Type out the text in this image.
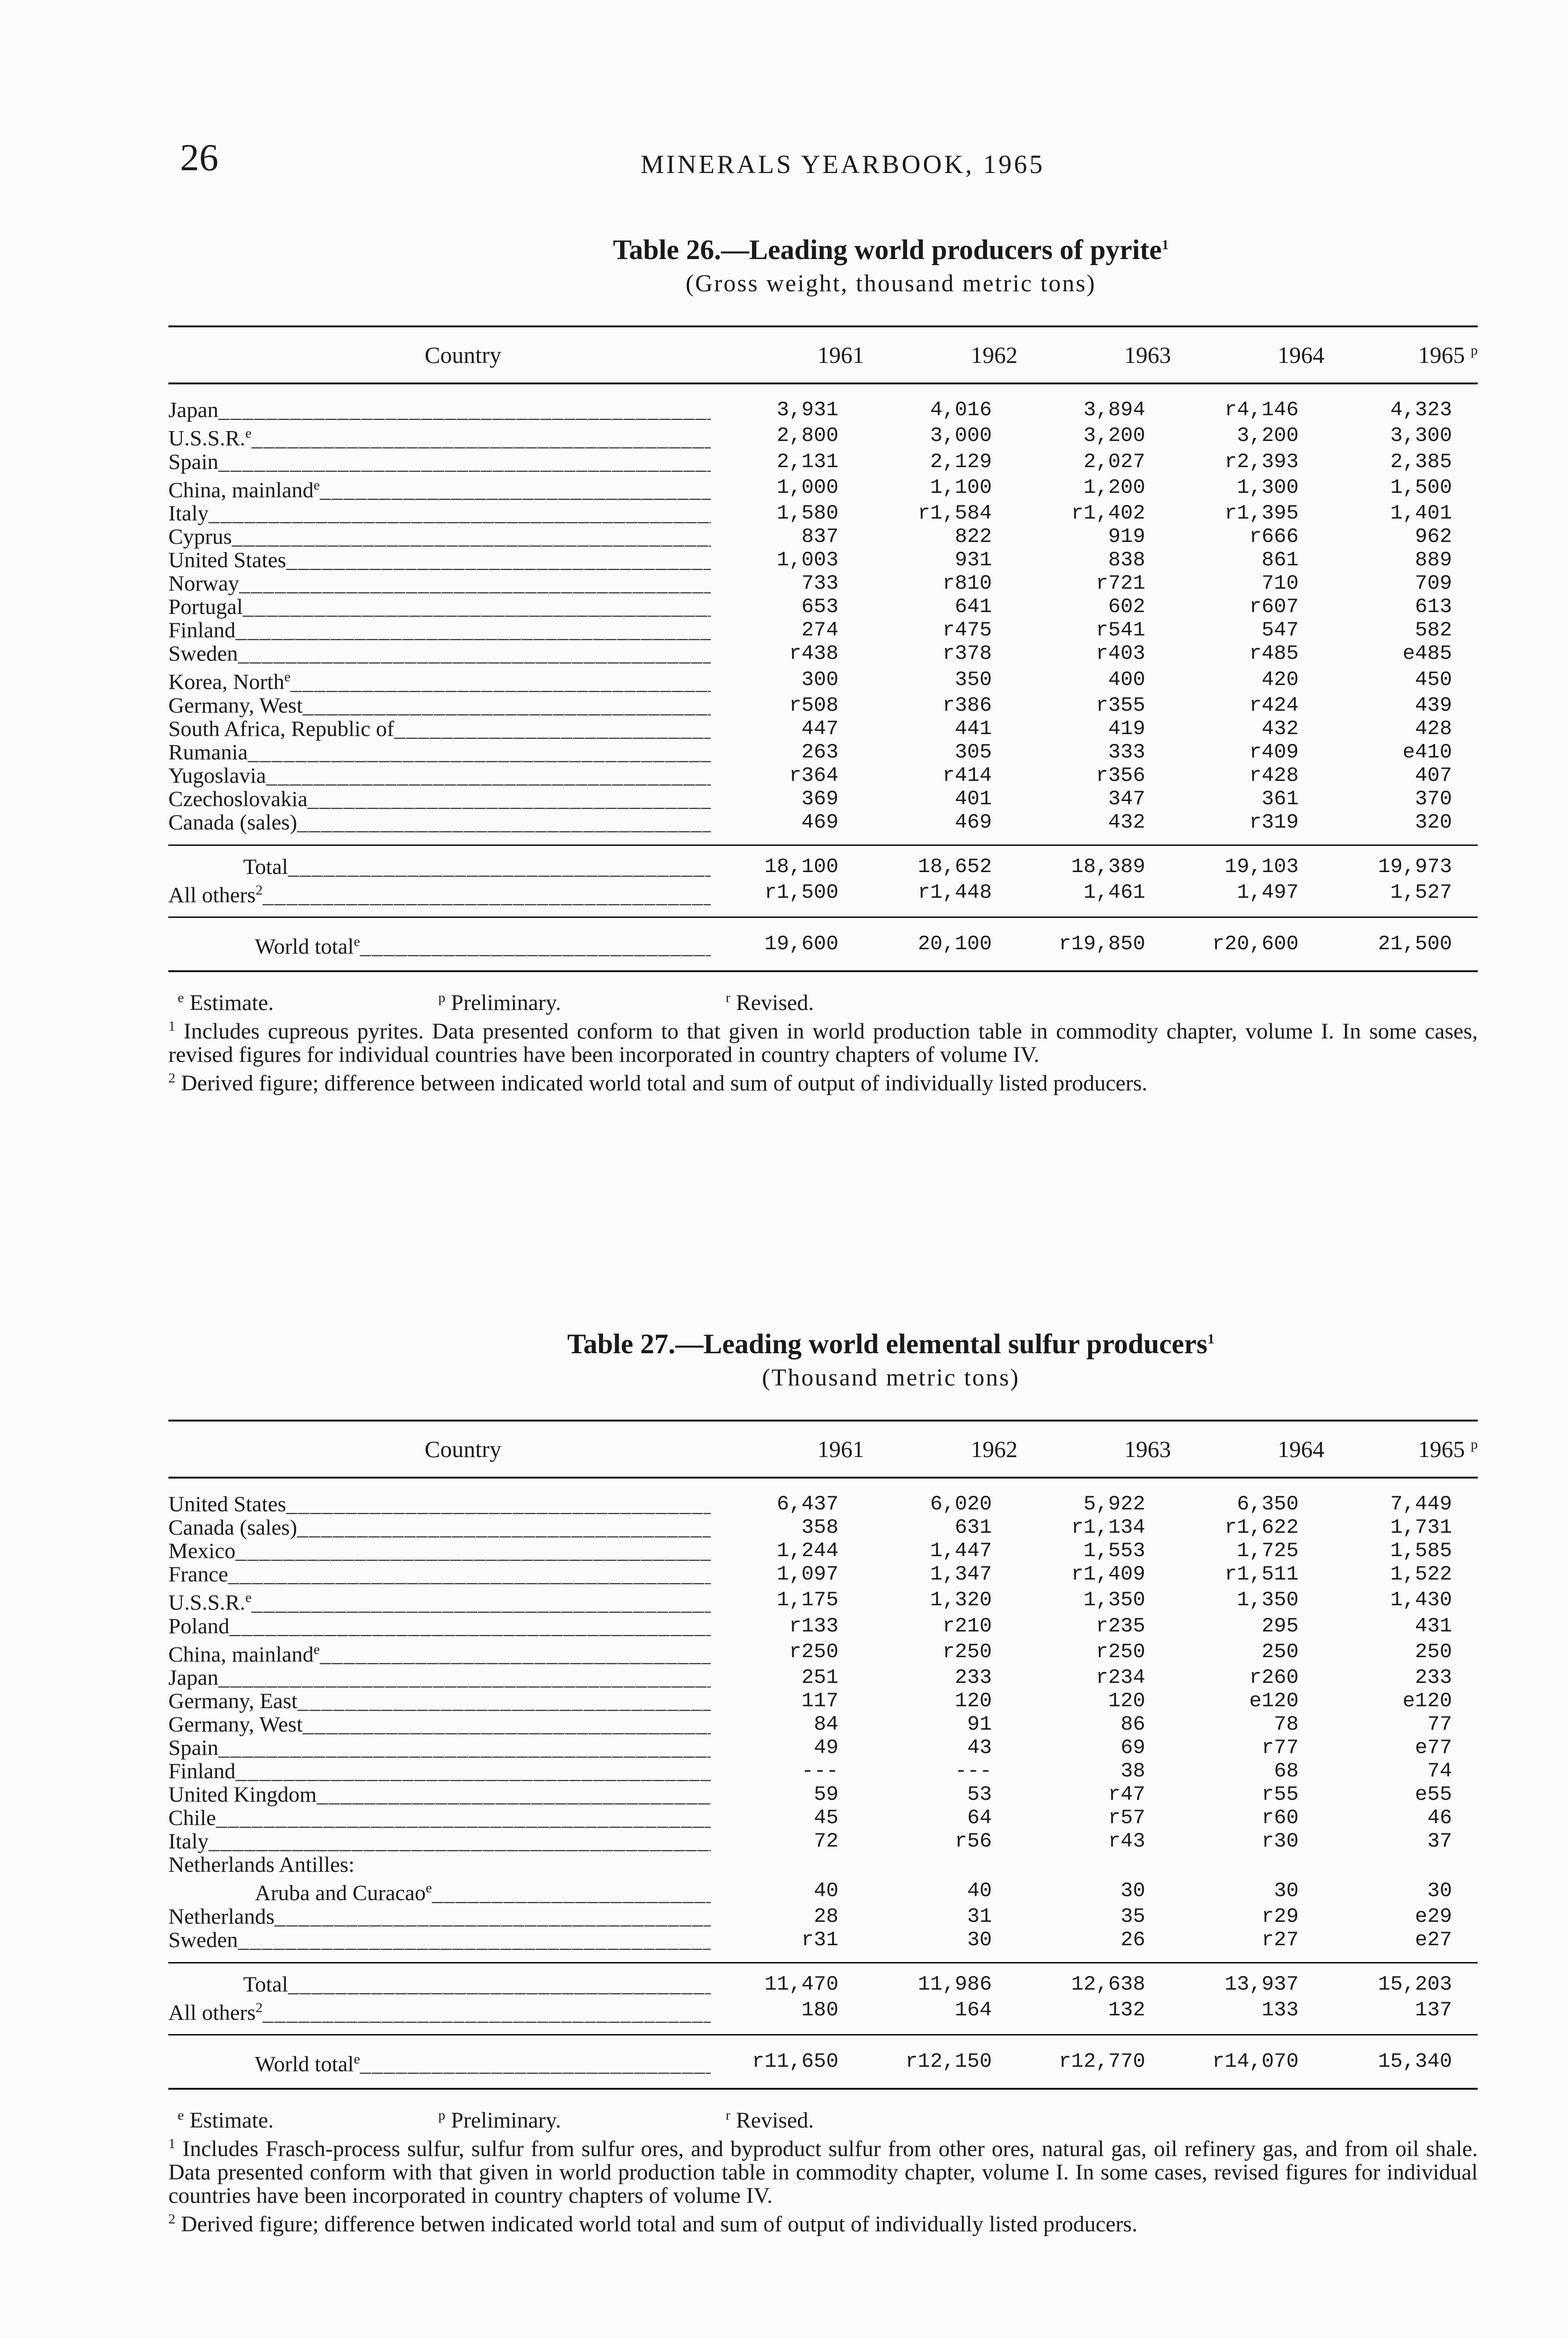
26	MINERALS YEARBOOK, 1965
Table 26.—Leading world producers of pyrite$^1$
(Gross weight, thousand metric tons)
Country	1961	1962	1963	1964	1965 $^p$
Japan _____	3,931	4,016	3,894	r4,146	4,323
U.S.S.R.$^e$ _____	2,800	3,000	3,200	3,200	3,300
Spain _____	2,131	2,129	2,027	r2,393	2,385
China, mainland$^e$ _____	1,000	1,100	1,200	1,300	1,500
Italy _____	1,580	r1,584	r1,402	r1,395	1,401
Cyprus _____	837	822	919	r666	962
United States _____	1,003	931	838	861	889
Norway _____	733	r810	r721	710	709
Portugal _____	653	641	602	r607	613
Finland _____	274	r475	r541	547	582
Sweden _____	r438	r378	r403	r485	e485
Korea, North$^e$ _____	300	350	400	420	450
Germany, West _____	r508	r386	r355	r424	439
South Africa, Republic of _____	447	441	419	432	428
Rumania _____	263	305	333	r409	e410
Yugoslavia _____	r364	r414	r356	r428	407
Czechoslovakia _____	369	401	347	361	370
Canada (sales) _____	469	469	432	r319	320
Total _____	18,100	18,652	18,389	19,103	19,973
All others$^2$ _____	r1,500	r1,448	1,461	1,497	1,527
World total$^e$ _____	19,600	20,100	r19,850	r20,600	21,500

$^e$ Estimate.	$^p$ Preliminary.	$^r$ Revised.

$^1$ Includes cupreous pyrites. Data presented conform to that given in world production table in commodity chapter, volume I. In some cases, revised figures for individual countries have been incorporated in country chapters of volume IV.

$^2$ Derived figure; difference between indicated world total and sum of output of individually listed producers.

Table 27.—Leading world elemental sulfur producers$^1$
(Thousand metric tons)
Country	1961	1962	1963	1964	1965 $^p$
United States _____	6,437	6,020	5,922	6,350	7,449
Canada (sales) _____	358	631	r1,134	r1,622	1,731
Mexico _____	1,244	1,447	1,553	1,725	1,585
France _____	1,097	1,347	r1,409	r1,511	1,522
U.S.S.R.$^e$ _____	1,175	1,320	1,350	1,350	1,430
Poland _____	r133	r210	r235	295	431
China, mainland$^e$ _____	r250	r250	r250	250	250
Japan _____	251	233	r234	r260	233
Germany, East _____	117	120	120	e120	e120
Germany, West _____	84	91	86	78	77
Spain _____	49	43	69	r77	e77
Finland _____	---	---	38	68	74
United Kingdom _____	59	53	r47	r55	e55
Chile _____	45	64	r57	r60	46
Italy _____	72	r56	r43	r30	37
Netherlands Antilles:					
Aruba and Curacao$^e$ _____	40	40	30	30	30
Netherlands _____	28	31	35	r29	e29
Sweden _____	r31	30	26	r27	e27
Total _____	11,470	11,986	12,638	13,937	15,203
All others$^2$ _____	180	164	132	133	137
World total$^e$ _____	r11,650	r12,150	r12,770	r14,070	15,340

$^e$ Estimate.	$^p$ Preliminary.	$^r$ Revised.

$^1$ Includes Frasch-process sulfur, sulfur from sulfur ores, and byproduct sulfur from other ores, natural gas, oil refinery gas, and from oil shale. Data presented conform with that given in world production table in commodity chapter, volume I. In some cases, revised figures for individual countries have been incorporated in country chapters of volume IV.

$^2$ Derived figure; difference betwen indicated world total and sum of output of individually listed producers.
